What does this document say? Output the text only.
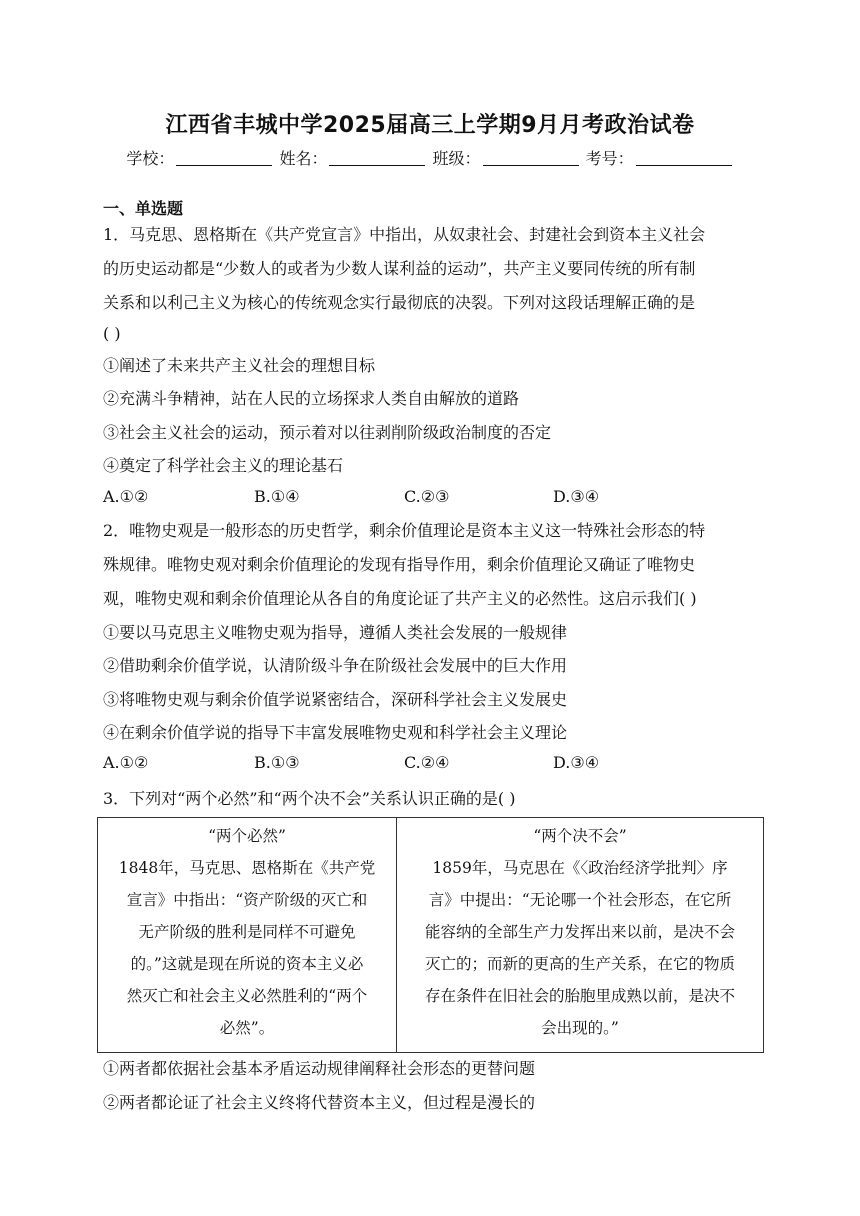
江西省丰城中学2025届高三上学期9月月考政治试卷
学校：	姓名：	班级：	考号：
一、单选题
1．马克思、恩格斯在《共产党宣言》中指出，从奴隶社会、封建社会到资本主义社会
的历史运动都是“少数人的或者为少数人谋利益的运动”，共产主义要同传统的所有制
关系和以利己主义为核心的传统观念实行最彻底的决裂。下列对这段话理解正确的是
( )
①阐述了未来共产主义社会的理想目标
②充满斗争精神，站在人民的立场探求人类自由解放的道路
③社会主义社会的运动，预示着对以往剥削阶级政治制度的否定
④奠定了科学社会主义的理论基石
A.①②	B.①④	C.②③	D.③④
2．唯物史观是一般形态的历史哲学，剩余价值理论是资本主义这一特殊社会形态的特
殊规律。唯物史观对剩余价值理论的发现有指导作用，剩余价值理论又确证了唯物史
观，唯物史观和剩余价值理论从各自的角度论证了共产主义的必然性。这启示我们( )
①要以马克思主义唯物史观为指导，遵循人类社会发展的一般规律
②借助剩余价值学说，认清阶级斗争在阶级社会发展中的巨大作用
③将唯物史观与剩余价值学说紧密结合，深研科学社会主义发展史
④在剩余价值学说的指导下丰富发展唯物史观和科学社会主义理论
A.①②	B.①③	C.②④	D.③④
3．下列对“两个必然”和“两个决不会”关系认识正确的是( )
“两个必然”
1848年，马克思、恩格斯在《共产党
宣言》中指出：“资产阶级的灭亡和
无产阶级的胜利是同样不可避免
的。”这就是现在所说的资本主义必
然灭亡和社会主义必然胜利的“两个
必然”。
“两个决不会”
1859年，马克思在《〈政治经济学批判〉序
言》中提出：“无论哪一个社会形态，在它所
能容纳的全部生产力发挥出来以前，是决不会
灭亡的；而新的更高的生产关系，在它的物质
存在条件在旧社会的胎胞里成熟以前，是决不
会出现的。”
①两者都依据社会基本矛盾运动规律阐释社会形态的更替问题
②两者都论证了社会主义终将代替资本主义，但过程是漫长的
